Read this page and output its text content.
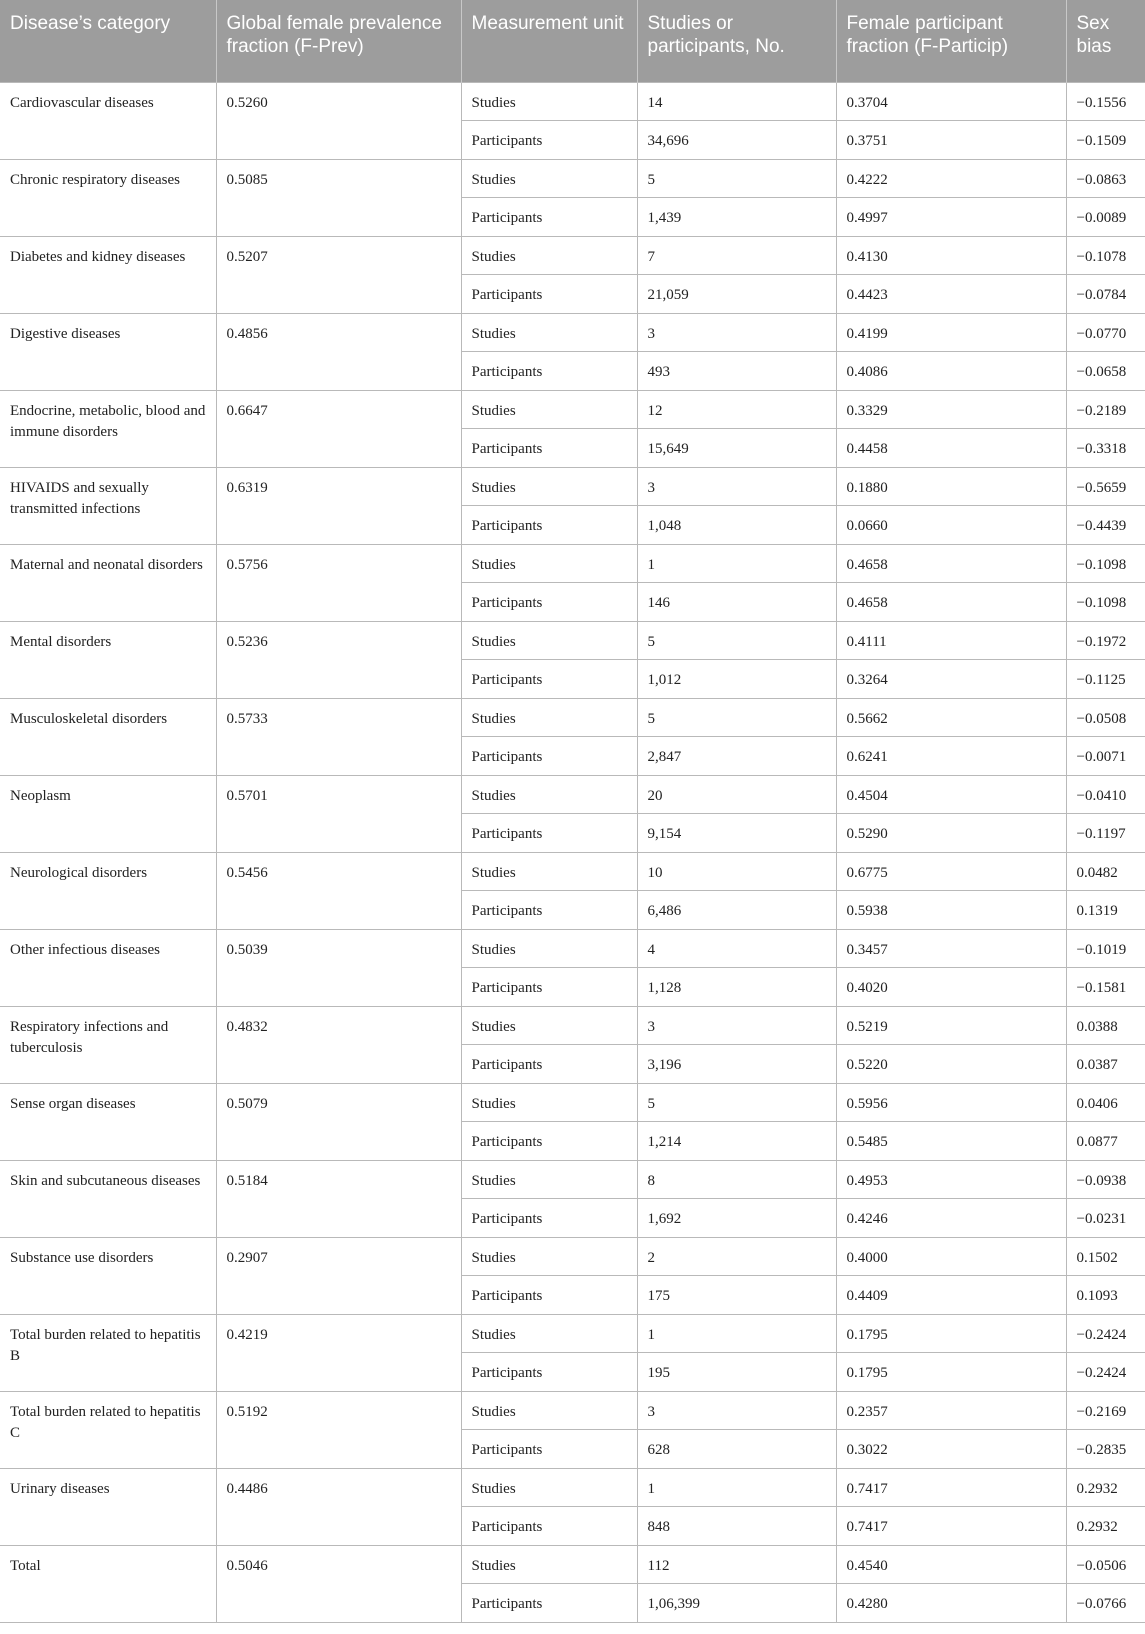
Disease’s category	Global female prevalence fraction (F-Prev)	Measurement unit	Studies or participants, No.	Female participant fraction (F-Particip)	Sex bias
Cardiovascular diseases	0.5260	Studies	14	0.3704	−0.1556
		Participants	34,696	0.3751	−0.1509
Chronic respiratory diseases	0.5085	Studies	5	0.4222	−0.0863
		Participants	1,439	0.4997	−0.0089
Diabetes and kidney diseases	0.5207	Studies	7	0.4130	−0.1078
		Participants	21,059	0.4423	−0.0784
Digestive diseases	0.4856	Studies	3	0.4199	−0.0770
		Participants	493	0.4086	−0.0658
Endocrine, metabolic, blood and immune disorders	0.6647	Studies	12	0.3329	−0.2189
		Participants	15,649	0.4458	−0.3318
HIVAIDS and sexually transmitted infections	0.6319	Studies	3	0.1880	−0.5659
		Participants	1,048	0.0660	−0.4439
Maternal and neonatal disorders	0.5756	Studies	1	0.4658	−0.1098
		Participants	146	0.4658	−0.1098
Mental disorders	0.5236	Studies	5	0.4111	−0.1972
		Participants	1,012	0.3264	−0.1125
Musculoskeletal disorders	0.5733	Studies	5	0.5662	−0.0508
		Participants	2,847	0.6241	−0.0071
Neoplasm	0.5701	Studies	20	0.4504	−0.0410
		Participants	9,154	0.5290	−0.1197
Neurological disorders	0.5456	Studies	10	0.6775	0.0482
		Participants	6,486	0.5938	0.1319
Other infectious diseases	0.5039	Studies	4	0.3457	−0.1019
		Participants	1,128	0.4020	−0.1581
Respiratory infections and tuberculosis	0.4832	Studies	3	0.5219	0.0388
		Participants	3,196	0.5220	0.0387
Sense organ diseases	0.5079	Studies	5	0.5956	0.0406
		Participants	1,214	0.5485	0.0877
Skin and subcutaneous diseases	0.5184	Studies	8	0.4953	−0.0938
		Participants	1,692	0.4246	−0.0231
Substance use disorders	0.2907	Studies	2	0.4000	0.1502
		Participants	175	0.4409	0.1093
Total burden related to hepatitis B	0.4219	Studies	1	0.1795	−0.2424
		Participants	195	0.1795	−0.2424
Total burden related to hepatitis C	0.5192	Studies	3	0.2357	−0.2169
		Participants	628	0.3022	−0.2835
Urinary diseases	0.4486	Studies	1	0.7417	0.2932
		Participants	848	0.7417	0.2932
Total	0.5046	Studies	112	0.4540	−0.0506
		Participants	1,06,399	0.4280	−0.0766
